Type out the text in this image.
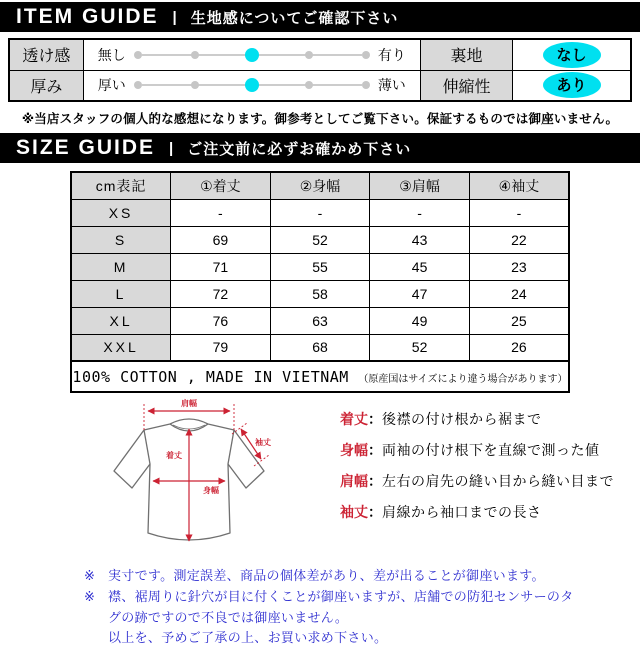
ITEM GUIDE | 生地感についてご確認下さい
透け感	無し 有り	裏地	なし
厚み	厚い 薄い	伸縮性	あり
※当店スタッフの個人的な感想になります。御参考としてご覧下さい。保証するものでは御座いません。
SIZE GUIDE | ご注文前に必ずお確かめ下さい
cm表記	①着丈	②身幅	③肩幅	④袖丈
XS	-	-	-	-
S	69	52	43	22
M	71	55	45	23
L	72	58	47	24
XL	76	63	49	25
XXL	79	68	52	26
100% COTTON , MADE IN VIETNAM （原産国はサイズにより違う場合があります）				
肩幅
着丈
身幅
袖丈
着丈：後襟の付け根から裾まで
身幅：両袖の付け根下を直線で測った値
肩幅：左右の肩先の縫い目から縫い目まで
袖丈：肩線から袖口までの長さ
※	実寸です。測定誤差、商品の個体差があり、差が出ることが御座います。
※	襟、裾周りに針穴が目に付くことが御座いますが、店舗での防犯センサーのタグの跡ですので不良では御座いません。
以上を、予めご了承の上、お買い求め下さい。
